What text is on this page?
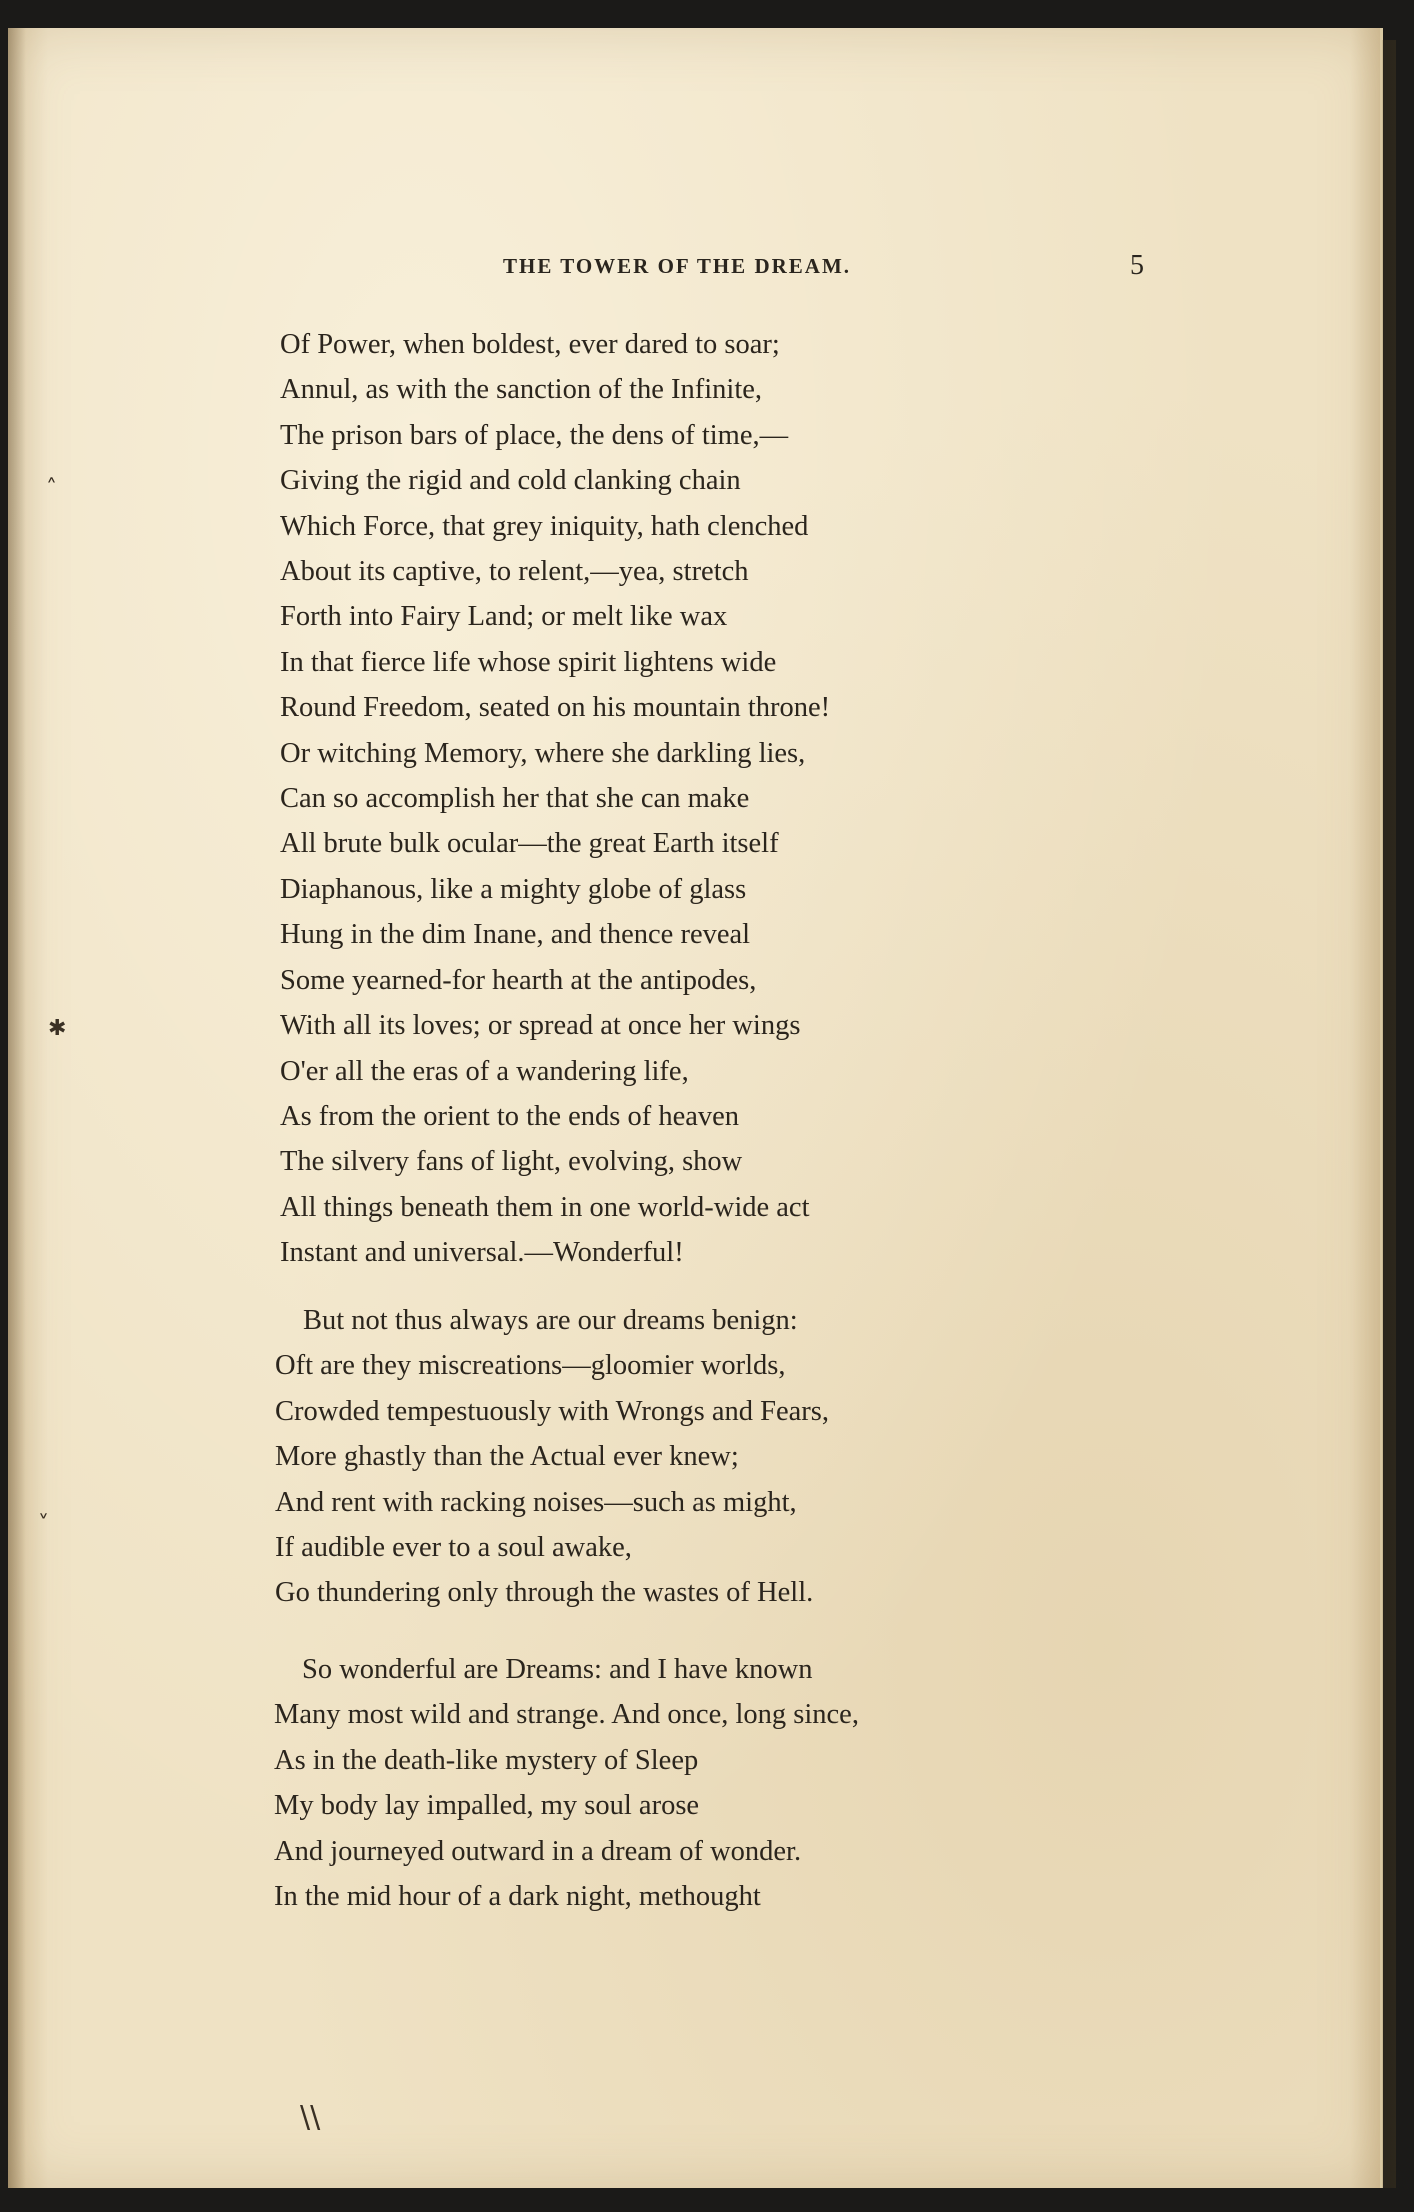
THE TOWER OF THE DREAM.	5
Of Power, when boldest, ever dared to soar;
Annul, as with the sanction of the Infinite,
The prison bars of place, the dens of time,—
Giving the rigid and cold clanking chain
Which Force, that grey iniquity, hath clenched
About its captive, to relent,—yea, stretch
Forth into Fairy Land; or melt like wax
In that fierce life whose spirit lightens wide
Round Freedom, seated on his mountain throne!
Or witching Memory, where she darkling lies,
Can so accomplish her that she can make
All brute bulk ocular—the great Earth itself
Diaphanous, like a mighty globe of glass
Hung in the dim Inane, and thence reveal
Some yearned-for hearth at the antipodes,
With all its loves; or spread at once her wings
O'er all the eras of a wandering life,
As from the orient to the ends of heaven
The silvery fans of light, evolving, show
All things beneath them in one world-wide act
Instant and universal.—Wonderful!
But not thus always are our dreams benign:
Oft are they miscreations—gloomier worlds,
Crowded tempestuously with Wrongs and Fears,
More ghastly than the Actual ever knew;
And rent with racking noises—such as might,
If audible ever to a soul awake,
Go thundering only through the wastes of Hell.
So wonderful are Dreams: and I have known
Many most wild and strange. And once, long since,
As in the death-like mystery of Sleep
My body lay impalled, my soul arose
And journeyed outward in a dream of wonder.
In the mid hour of a dark night, methought
˄
✱
˅
\\
